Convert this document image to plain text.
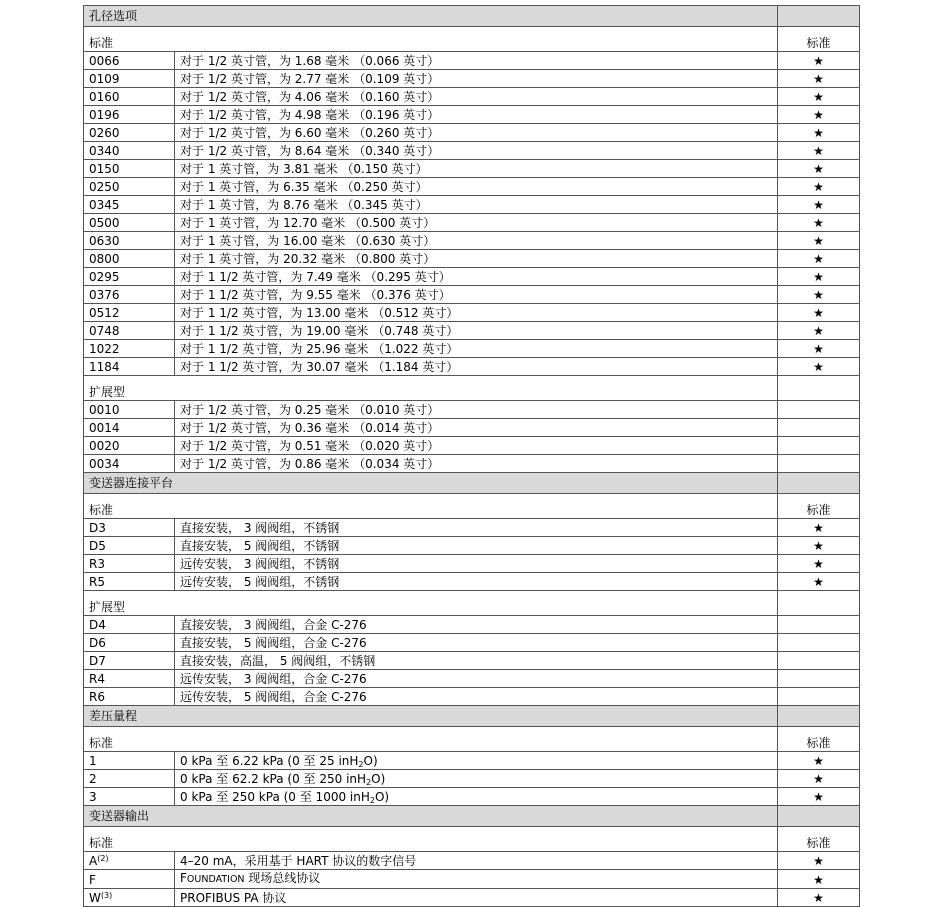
孔径选项		
标准		标准
0066	对于 1/2 英寸管，为 1.68 毫米 （0.066 英寸）	★
0109	对于 1/2 英寸管，为 2.77 毫米 （0.109 英寸）	★
0160	对于 1/2 英寸管，为 4.06 毫米 （0.160 英寸）	★
0196	对于 1/2 英寸管，为 4.98 毫米 （0.196 英寸）	★
0260	对于 1/2 英寸管，为 6.60 毫米 （0.260 英寸）	★
0340	对于 1/2 英寸管，为 8.64 毫米 （0.340 英寸）	★
0150	对于 1 英寸管，为 3.81 毫米 （0.150 英寸）	★
0250	对于 1 英寸管，为 6.35 毫米 （0.250 英寸）	★
0345	对于 1 英寸管，为 8.76 毫米 （0.345 英寸）	★
0500	对于 1 英寸管，为 12.70 毫米 （0.500 英寸）	★
0630	对于 1 英寸管，为 16.00 毫米 （0.630 英寸）	★
0800	对于 1 英寸管，为 20.32 毫米 （0.800 英寸）	★
0295	对于 1 1/2 英寸管，为 7.49 毫米 （0.295 英寸）	★
0376	对于 1 1/2 英寸管，为 9.55 毫米 （0.376 英寸）	★
0512	对于 1 1/2 英寸管，为 13.00 毫米 （0.512 英寸）	★
0748	对于 1 1/2 英寸管，为 19.00 毫米 （0.748 英寸）	★
1022	对于 1 1/2 英寸管，为 25.96 毫米 （1.022 英寸）	★
1184	对于 1 1/2 英寸管，为 30.07 毫米 （1.184 英寸）	★
扩展型		
0010	对于 1/2 英寸管，为 0.25 毫米 （0.010 英寸）	
0014	对于 1/2 英寸管，为 0.36 毫米 （0.014 英寸）	
0020	对于 1/2 英寸管，为 0.51 毫米 （0.020 英寸）	
0034	对于 1/2 英寸管，为 0.86 毫米 （0.034 英寸）	
变送器连接平台		
标准		标准
D3	直接安装， 3 阀阀组，不锈钢	★
D5	直接安装， 5 阀阀组，不锈钢	★
R3	远传安装， 3 阀阀组，不锈钢	★
R5	远传安装， 5 阀阀组，不锈钢	★
扩展型		
D4	直接安装， 3 阀阀组，合金 C-276	
D6	直接安装， 5 阀阀组，合金 C-276	
D7	直接安装，高温， 5 阀阀组，不锈钢	
R4	远传安装， 3 阀阀组，合金 C-276	
R6	远传安装， 5 阀阀组，合金 C-276	
差压量程		
标准		标准
1	0 kPa 至 6.22 kPa (0 至 25 inH$_2$O)	★
2	0 kPa 至 62.2 kPa (0 至 250 inH$_2$O)	★
3	0 kPa 至 250 kPa (0 至 1000 inH$_2$O)	★
变送器输出		
标准		标准
$A^{(2)}$	4–20 mA，采用基于 HART 协议的数字信号	★
F	FOUNDATION 现场总线协议	★
$W^{(3)}$	PROFIBUS PA 协议	★
